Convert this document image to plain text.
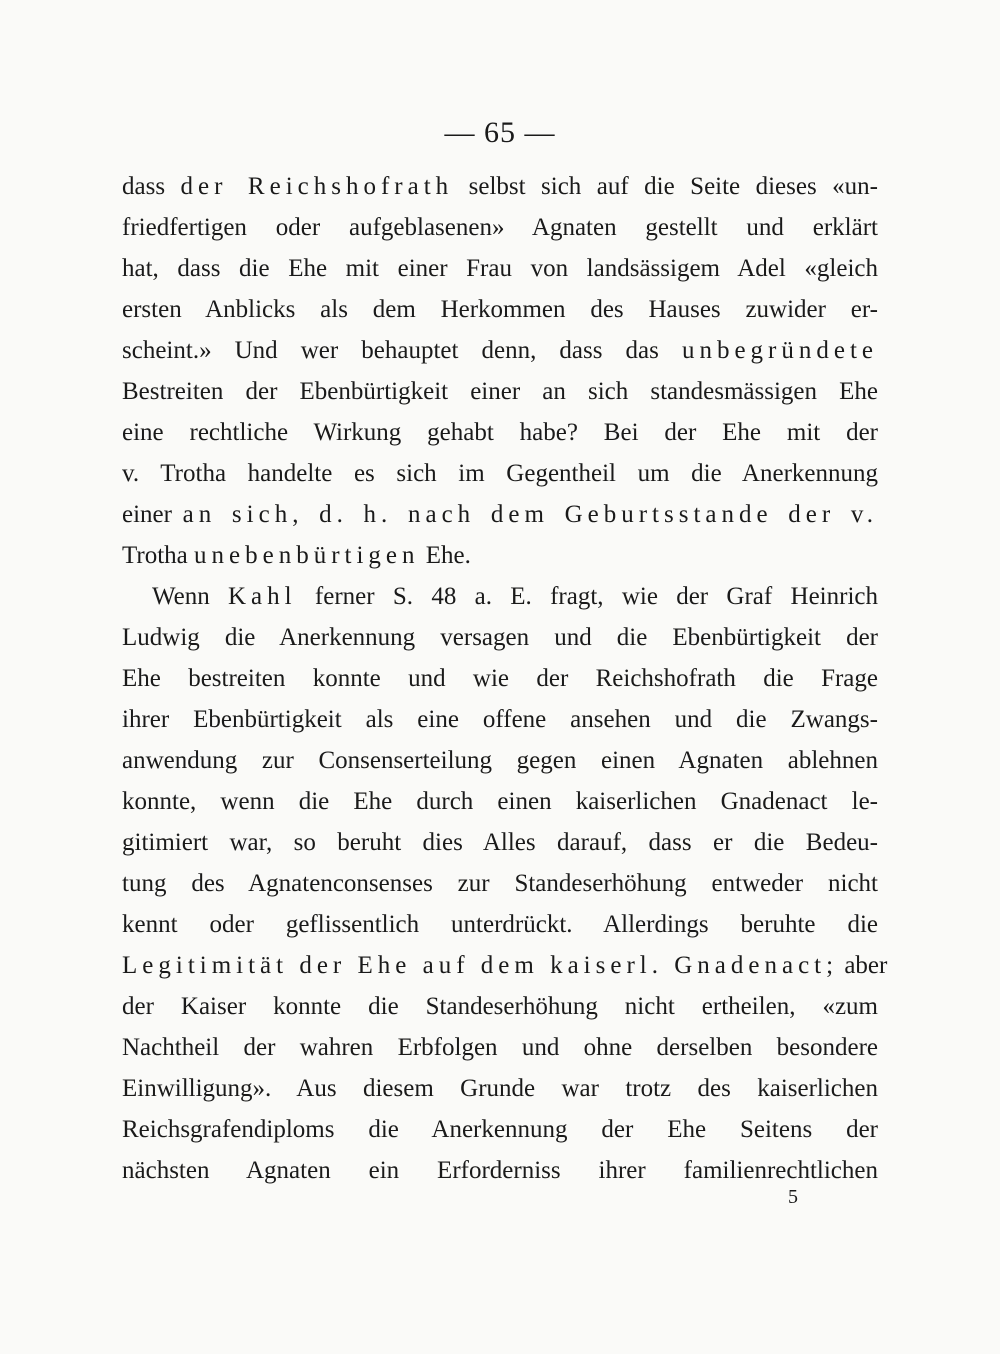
— 65 —
dass der Reichshofrath selbst sich auf die Seite dieses «un-
friedfertigen oder aufgeblasenen» Agnaten gestellt und erklärt
hat, dass die Ehe mit einer Frau von landsässigem Adel «gleich
ersten Anblicks als dem Herkommen des Hauses zuwider er-
scheint.» Und wer behauptet denn, dass das unbegründete
Bestreiten der Ebenbürtigkeit einer an sich standesmässigen Ehe
eine rechtliche Wirkung gehabt habe? Bei der Ehe mit der
v. Trotha handelte es sich im Gegentheil um die Anerkennung
einer an sich, d. h. nach dem Geburtsstande der v.
Trotha unebenbürtigen Ehe.
Wenn Kahl ferner S. 48 a. E. fragt, wie der Graf Heinrich
Ludwig die Anerkennung versagen und die Ebenbürtigkeit der
Ehe bestreiten konnte und wie der Reichshofrath die Frage
ihrer Ebenbürtigkeit als eine offene ansehen und die Zwangs-
anwendung zur Consenserteilung gegen einen Agnaten ablehnen
konnte, wenn die Ehe durch einen kaiserlichen Gnadenact le-
gitimiert war, so beruht dies Alles darauf, dass er die Bedeu-
tung des Agnatenconsenses zur Standeserhöhung entweder nicht
kennt oder geflissentlich unterdrückt. Allerdings beruhte die
Legitimität der Ehe auf dem kaiserl. Gnadenact; aber
der Kaiser konnte die Standeserhöhung nicht ertheilen, «zum
Nachtheil der wahren Erbfolgen und ohne derselben besondere
Einwilligung». Aus diesem Grunde war trotz des kaiserlichen
Reichsgrafendiploms die Anerkennung der Ehe Seitens der
nächsten Agnaten ein Erforderniss ihrer familienrechtlichen
5
